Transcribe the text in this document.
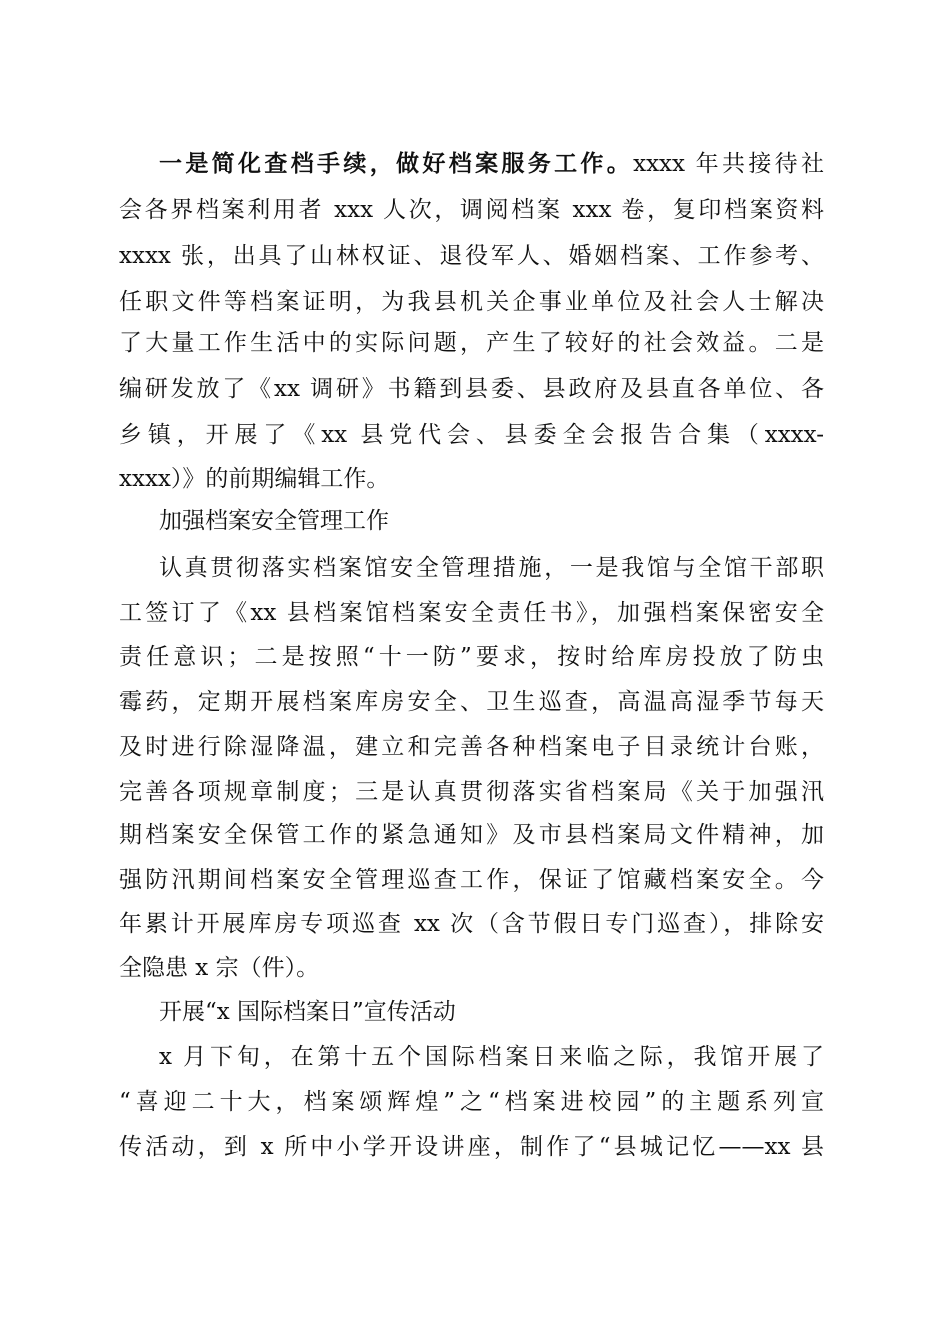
一是简化查档手续，做好档案服务工作。xxxx 年共接待社
会各界档案利用者 xxx 人次，调阅档案 xxx 卷，复印档案资料
xxxx 张，出具了山林权证、退役军人、婚姻档案、工作参考、
任职文件等档案证明，为我县机关企事业单位及社会人士解决
了大量工作生活中的实际问题，产生了较好的社会效益。二是
编研发放了《xx 调研》书籍到县委、县政府及县直各单位、各
乡镇，开展了《xx 县党代会、县委全会报告合集（xxxx-
xxxx）》的前期编辑工作。
加强档案安全管理工作
认真贯彻落实档案馆安全管理措施，一是我馆与全馆干部职
工签订了《xx 县档案馆档案安全责任书》，加强档案保密安全
责任意识；二是按照“十一防”要求，按时给库房投放了防虫
霉药，定期开展档案库房安全、卫生巡查，高温高湿季节每天
及时进行除湿降温，建立和完善各种档案电子目录统计台账，
完善各项规章制度；三是认真贯彻落实省档案局《关于加强汛
期档案安全保管工作的紧急通知》及市县档案局文件精神，加
强防汛期间档案安全管理巡查工作，保证了馆藏档案安全。今
年累计开展库房专项巡查 xx 次（含节假日专门巡查），排除安
全隐患 x 宗（件）。
开展“x 国际档案日”宣传活动
x 月下旬，在第十五个国际档案日来临之际，我馆开展了
“喜迎二十大，档案颂辉煌”之“档案进校园”的主题系列宣
传活动，到 x 所中小学开设讲座，制作了“县城记忆——xx 县
